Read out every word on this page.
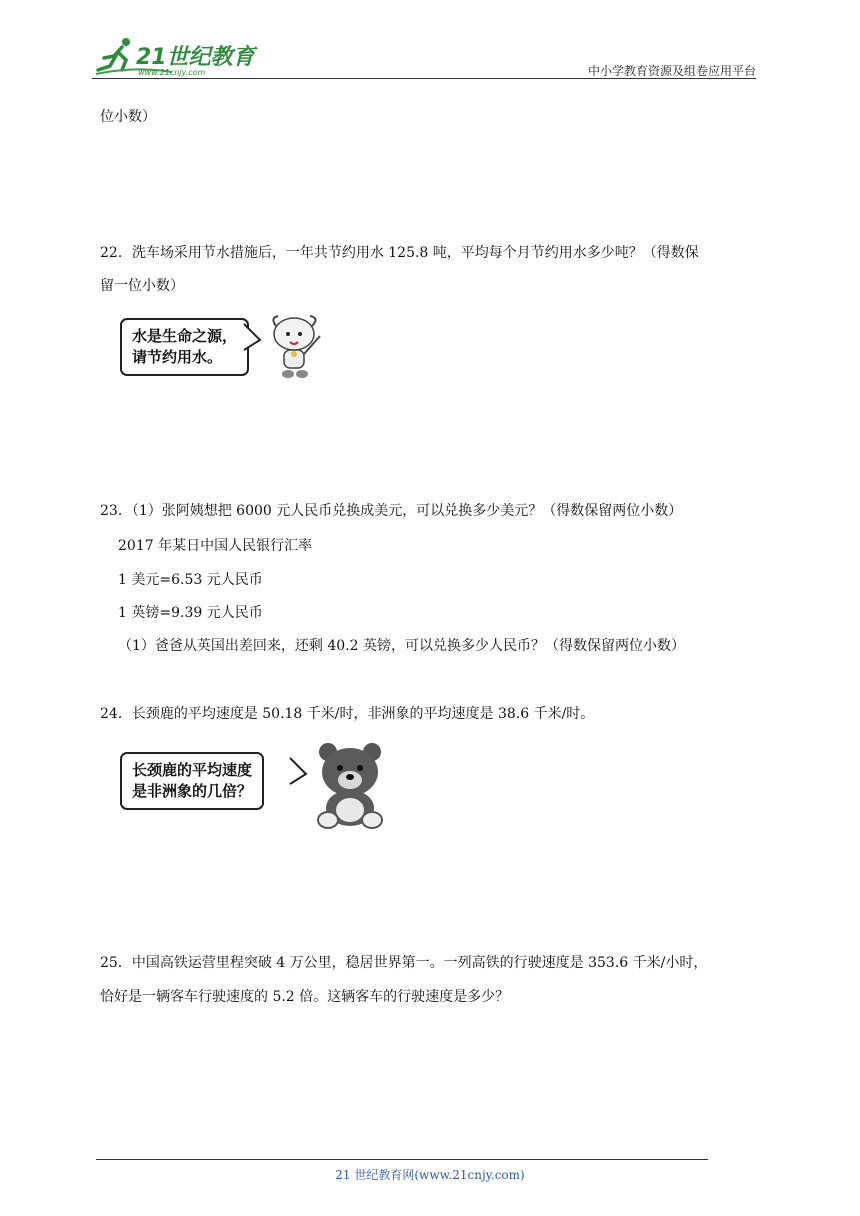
21世纪教育
www.21cnjy.com	中小学教育资源及组卷应用平台
位小数）
22．洗车场采用节水措施后，一年共节约用水 125.8 吨，平均每个月节约用水多少吨？（得数保
留一位小数）
水是生命之源，
请节约用水。
23．（1）张阿姨想把 6000 元人民币兑换成美元，可以兑换多少美元？（得数保留两位小数）
2017 年某日中国人民银行汇率
1 美元=6.53 元人民币
1 英镑=9.39 元人民币
（1）爸爸从英国出差回来，还剩 40.2 英镑，可以兑换多少人民币？（得数保留两位小数）
24．长颈鹿的平均速度是 50.18 千米/时，非洲象的平均速度是 38.6 千米/时。
长颈鹿的平均速度
是非洲象的几倍？
25．中国高铁运营里程突破 4 万公里，稳居世界第一。一列高铁的行驶速度是 353.6 千米/小时，
恰好是一辆客车行驶速度的 5.2 倍。这辆客车的行驶速度是多少？
21 世纪教育网(www.21cnjy.com)
